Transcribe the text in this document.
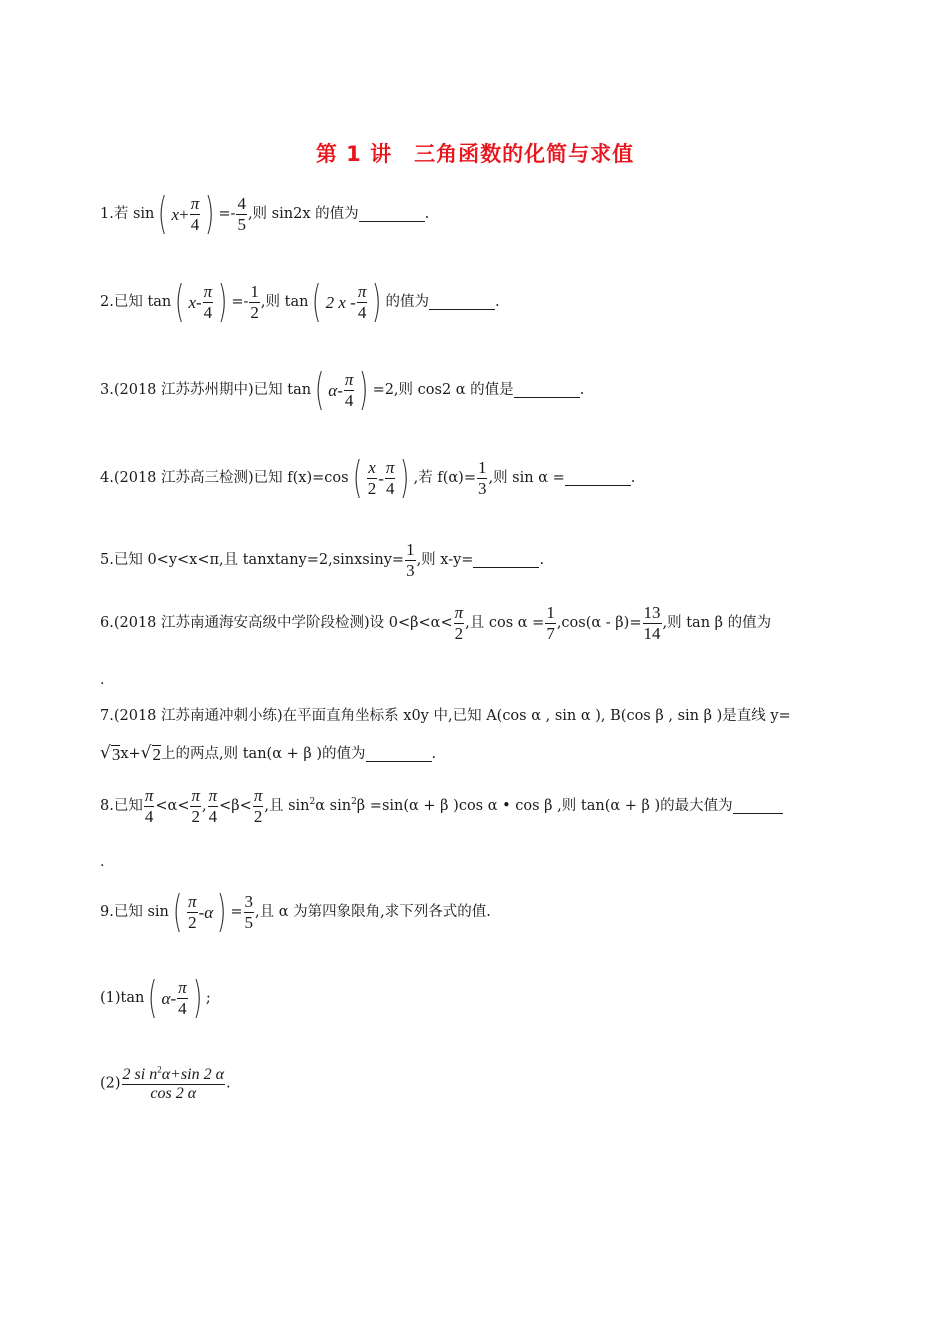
第 1 讲　三角函数的化简与求值
1.若 sin ( $x + \frac{\pi}{4}$ ) =- $\frac{4}{5}$ ,则 sin2x 的值为	.
2.已知 tan ( x - $\frac{\pi}{4}$ ) =- $\frac{1}{2}$ ,则 tan ( 2 x - $\frac{\pi}{4}$ ) 的值为	.
3.(2018 江苏苏州期中)已知 tan ( α - $\frac{\pi}{4}$ ) =2,则 cos2 α 的值是	.
4.(2018 江苏高三检测)已知 f(x)=cos ( $\frac{x}{2} - \frac{\pi}{4}$ ) ,若 $f(\alpha)= \frac{1}{3}$ ,则 sin α =	.
5.已知 0<y<x<π,且 tanxtany=2,sinxsiny= $\frac{1}{3}$ ,则 x-y=	.
6.(2018 江苏南通海安高级中学阶段检测)设 $0<\beta<\alpha< \frac{\pi}{2}$ ,且 $\cos \alpha = \frac{1}{7} ,\cos(\alpha - \beta)= \frac{13}{14}$ ,则 tan β 的值为
.
7.(2018 江苏南通冲刺小练)在平面直角坐标系 x0y 中,已知 A(cos α , sin α ), B(cos β , sin β )是直线 y=
√ 3 x+ √ 2 上的两点,则 tan(α + β )的值为	.
8.已知 $\frac{\pi}{4} <\alpha< \frac{\pi}{2}$ , $\frac{\pi}{4} <\beta< \frac{\pi}{2}$ ,且 $\sin^2\alpha$ $\sin^2\beta =\sin(\alpha + \beta$ )cos α • cos β ,则 tan(α + β )的最大值为
.
9.已知 sin ( $\frac{\pi}{2}$ - α ) = $\frac{3}{5}$ ,且 α 为第四象限角,求下列各式的值.
(1)tan ( α - $\frac{\pi}{4}$ ) ;
$(2) \frac{2 si n^2\alpha+\sin 2 \alpha}{\cos 2 \alpha}$ .
